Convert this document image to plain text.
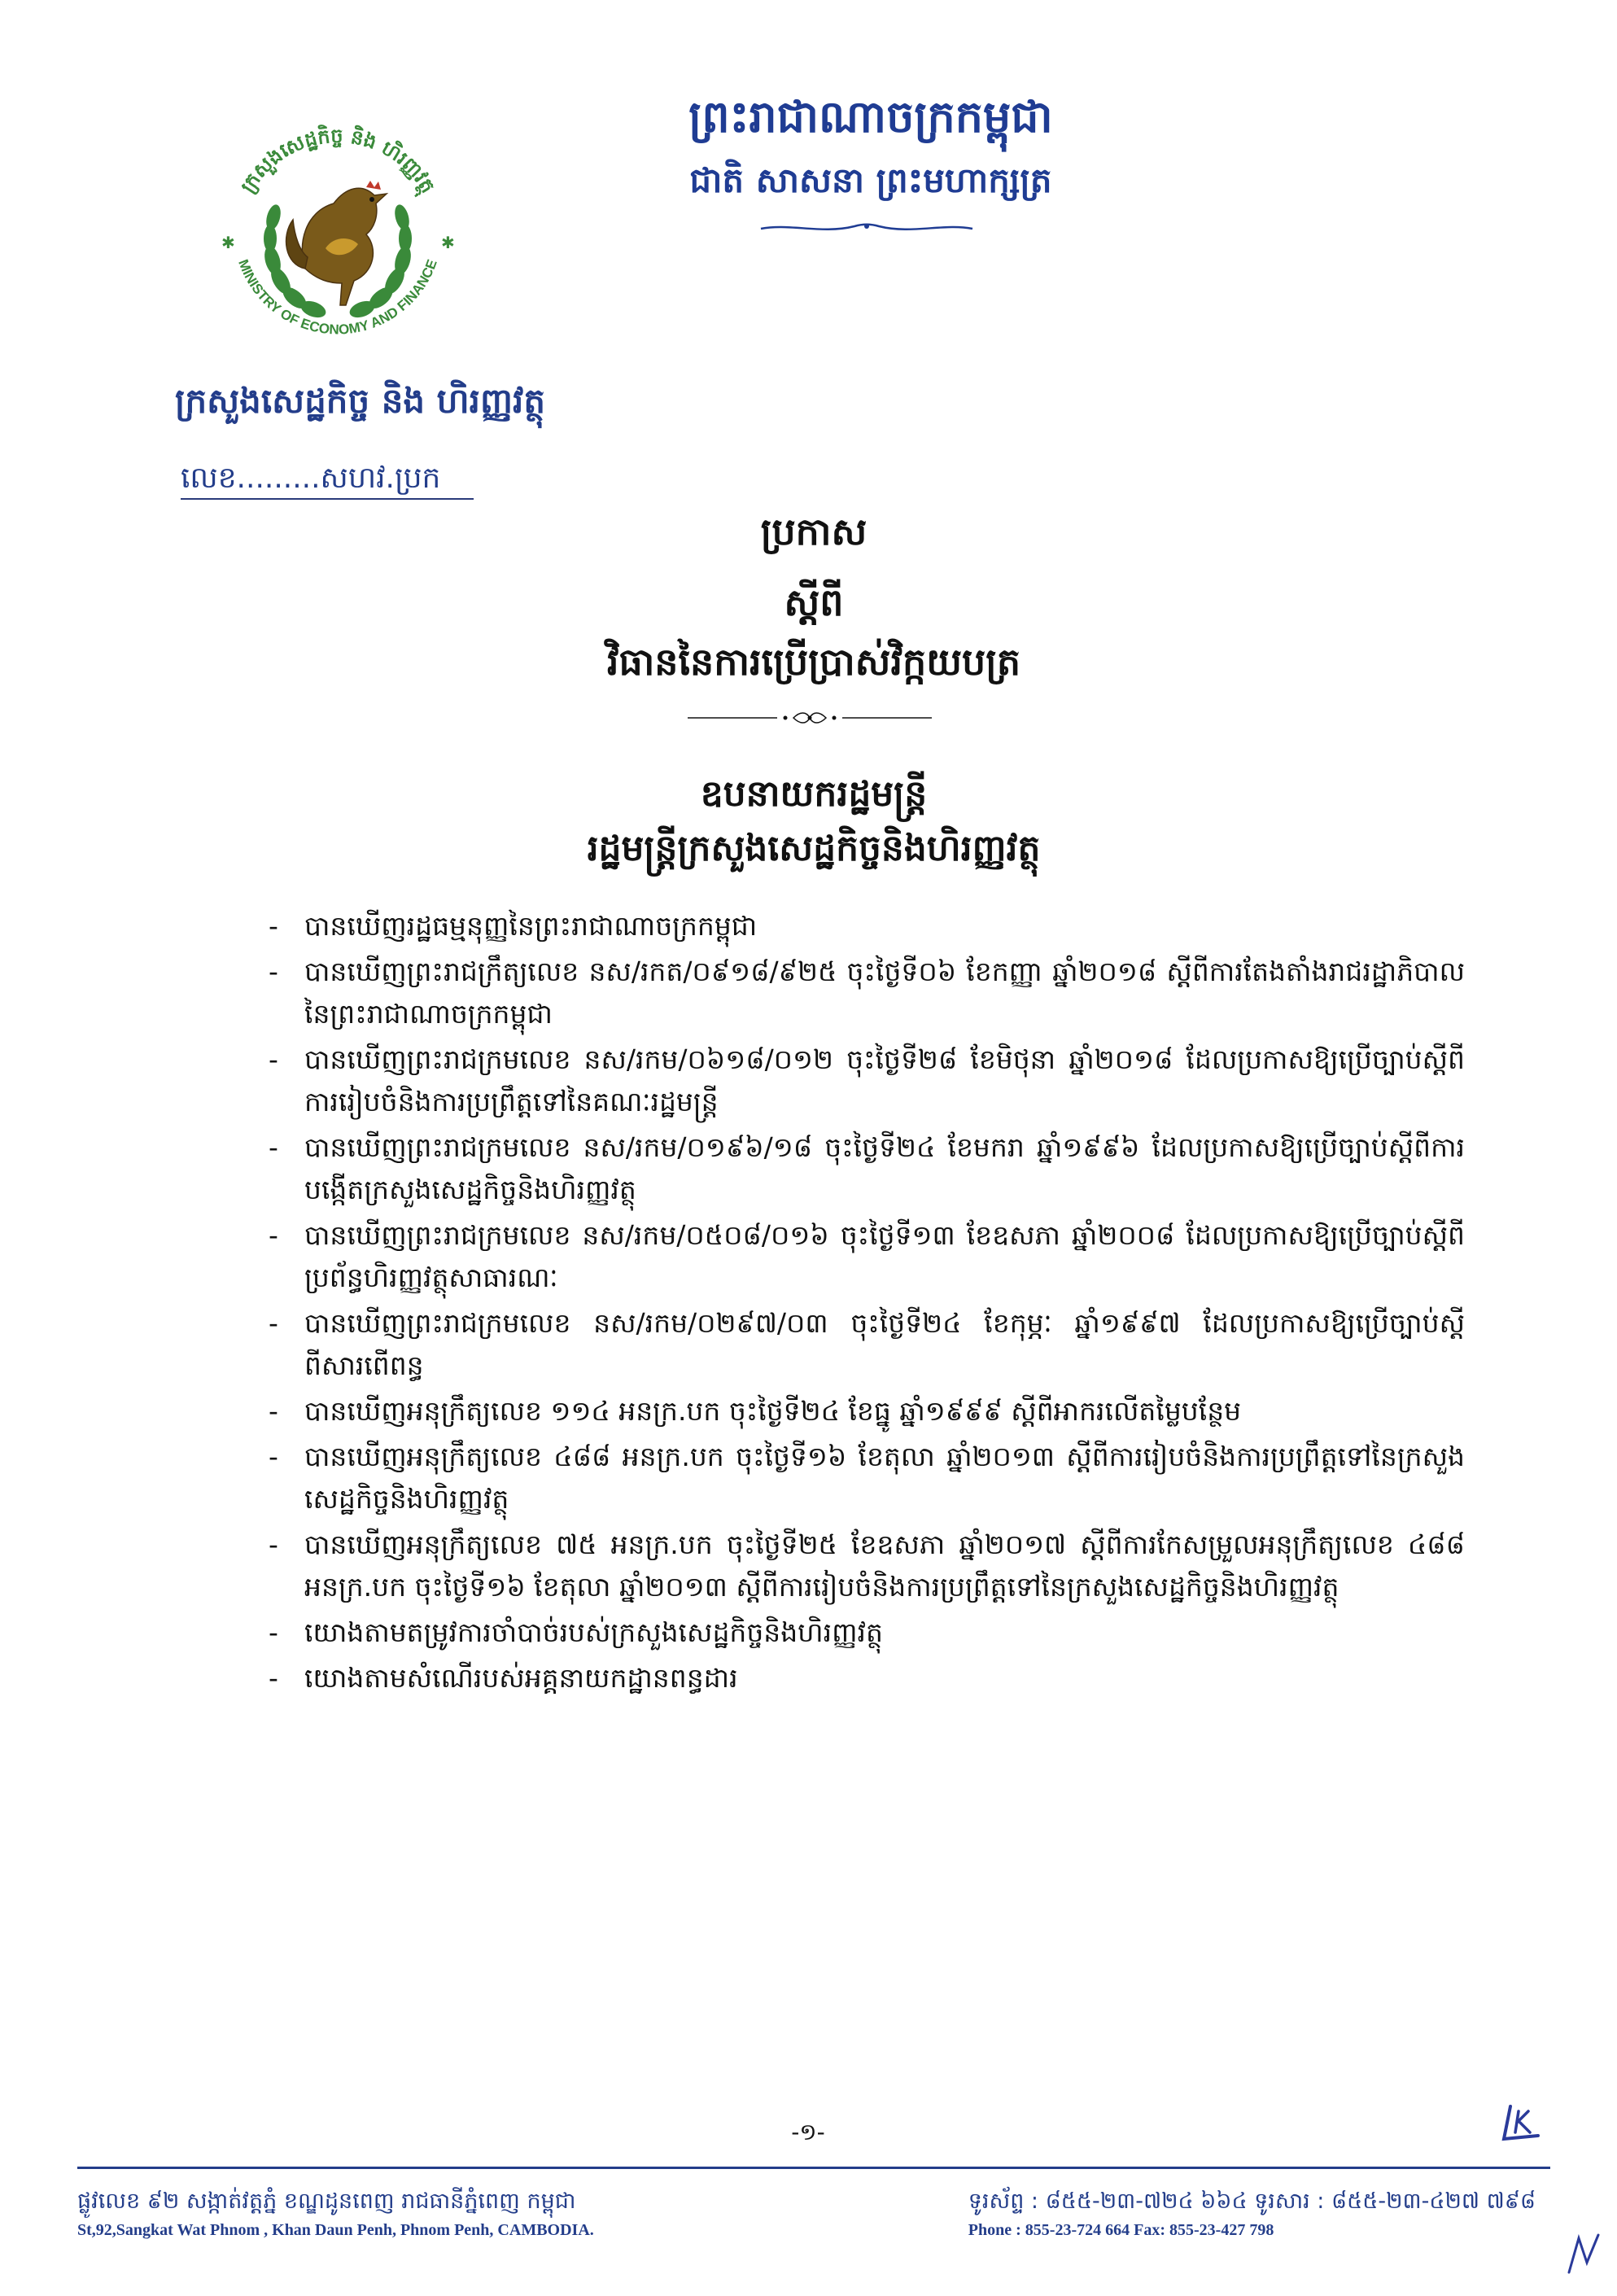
ក្រសួងសេដ្ឋកិច្ច និង ហិរញ្ញវត្ថុ
MINISTRY OF ECONOMY AND FINANCE
✱	✱
ក្រសួងសេដ្ឋកិច្ច និង ហិរញ្ញវត្ថុ
លេខ.........សហវ.ប្រក
ព្រះរាជាណាចក្រកម្ពុជា
ជាតិ សាសនា ព្រះមហាក្សត្រ
ប្រកាស
ស្តីពី
វិធាននៃការប្រើប្រាស់វិក្កយបត្រ
ឧបនាយករដ្ឋមន្ត្រី
រដ្ឋមន្ត្រីក្រសួងសេដ្ឋកិច្ចនិងហិរញ្ញវត្ថុ
- បានឃើញរដ្ឋធម្មនុញ្ញនៃព្រះរាជាណាចក្រកម្ពុជា
- បានឃើញព្រះរាជក្រឹត្យលេខ នស/រកត/០៩១៨/៩២៥ ចុះថ្ងៃទី០៦ ខែកញ្ញា ឆ្នាំ២០១៨ ស្តីពីការតែងតាំងរាជរដ្ឋាភិបាលនៃព្រះរាជាណាចក្រកម្ពុជា
- បានឃើញព្រះរាជក្រមលេខ នស/រកម/០៦១៨/០១២ ចុះថ្ងៃទី២៨ ខែមិថុនា ឆ្នាំ២០១៨ ដែលប្រកាសឱ្យប្រើច្បាប់ស្តីពីការរៀបចំនិងការប្រព្រឹត្តទៅនៃគណៈរដ្ឋមន្ត្រី
- បានឃើញព្រះរាជក្រមលេខ នស/រកម/០១៩៦/១៨ ចុះថ្ងៃទី២៤ ខែមករា ឆ្នាំ១៩៩៦ ដែលប្រកាសឱ្យប្រើច្បាប់ស្តីពីការបង្កើតក្រសួងសេដ្ឋកិច្ចនិងហិរញ្ញវត្ថុ
- បានឃើញព្រះរាជក្រមលេខ នស/រកម/០៥០៨/០១៦ ចុះថ្ងៃទី១៣ ខែឧសភា ឆ្នាំ២០០៨ ដែលប្រកាសឱ្យប្រើច្បាប់ស្តីពីប្រព័ន្ធហិរញ្ញវត្ថុសាធារណៈ
- បានឃើញព្រះរាជក្រមលេខ នស/រកម/០២៩៧/០៣ ចុះថ្ងៃទី២៤ ខែកុម្ភៈ ឆ្នាំ១៩៩៧ ដែលប្រកាសឱ្យប្រើច្បាប់ស្តីពីសារពើពន្ធ
- បានឃើញអនុក្រឹត្យលេខ ១១៤ អនក្រ.បក ចុះថ្ងៃទី២៤ ខែធ្នូ ឆ្នាំ១៩៩៩ ស្តីពីអាករលើតម្លៃបន្ថែម
- បានឃើញអនុក្រឹត្យលេខ ៤៨៨ អនក្រ.បក ចុះថ្ងៃទី១៦ ខែតុលា ឆ្នាំ២០១៣ ស្តីពីការរៀបចំនិងការប្រព្រឹត្តទៅនៃក្រសួងសេដ្ឋកិច្ចនិងហិរញ្ញវត្ថុ
- បានឃើញអនុក្រឹត្យលេខ ៧៥ អនក្រ.បក ចុះថ្ងៃទី២៥ ខែឧសភា ឆ្នាំ២០១៧ ស្តីពីការកែសម្រួលអនុក្រឹត្យលេខ ៤៨៨ អនក្រ.បក ចុះថ្ងៃទី១៦ ខែតុលា ឆ្នាំ២០១៣ ស្តីពីការរៀបចំនិងការប្រព្រឹត្តទៅនៃក្រសួងសេដ្ឋកិច្ចនិងហិរញ្ញវត្ថុ
- យោងតាមតម្រូវការចាំបាច់របស់ក្រសួងសេដ្ឋកិច្ចនិងហិរញ្ញវត្ថុ
- យោងតាមសំណើរបស់អគ្គនាយកដ្ឋានពន្ធដារ
-១-
ផ្លូវលេខ ៩២ សង្កាត់វត្តភ្នំ ខណ្ឌដូនពេញ រាជធានីភ្នំពេញ កម្ពុជា
St,92,Sangkat Wat Phnom , Khan Daun Penh, Phnom Penh, CAMBODIA.
ទូរស័ព្ទ : ៨៥៥-២៣-៧២៤ ៦៦៤ ទូរសារ : ៨៥៥-២៣-៤២៧ ៧៩៨
Phone : 855-23-724 664 Fax: 855-23-427 798
